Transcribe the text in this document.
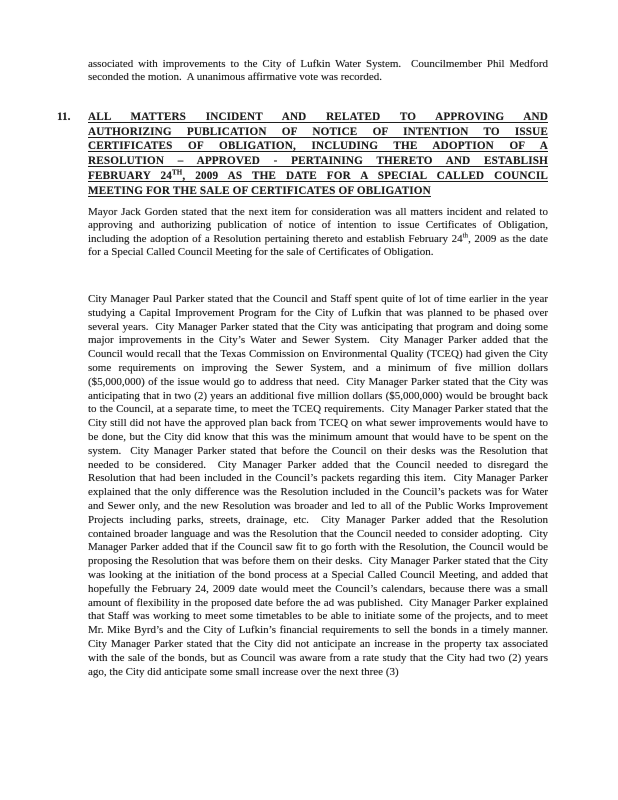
associated with improvements to the City of Lufkin Water System.  Councilmember Phil Medford seconded the motion.  A unanimous affirmative vote was recorded.

11. ALL MATTERS INCIDENT AND RELATED TO APPROVING AND
AUTHORIZING PUBLICATION OF NOTICE OF INTENTION TO ISSUE
CERTIFICATES OF OBLIGATION, INCLUDING THE ADOPTION OF A
RESOLUTION – APPROVED - PERTAINING THERETO AND ESTABLISH
FEBRUARY 24TH, 2009 AS THE DATE FOR A SPECIAL CALLED COUNCIL
MEETING FOR THE SALE OF CERTIFICATES OF OBLIGATION

Mayor Jack Gorden stated that the next item for consideration was all matters incident and related to approving and authorizing publication of notice of intention to issue Certificates of Obligation, including the adoption of a Resolution pertaining thereto and establish February 24th, 2009 as the date for a Special Called Council Meeting for the sale of Certificates of Obligation.

City Manager Paul Parker stated that the Council and Staff spent quite of lot of time earlier in the year studying a Capital Improvement Program for the City of Lufkin that was planned to be phased over several years.  City Manager Parker stated that the City was anticipating that program and doing some major improvements in the City’s Water and Sewer System.  City Manager Parker added that the Council would recall that the Texas Commission on Environmental Quality (TCEQ) had given the City some requirements on improving the Sewer System, and a minimum of five million dollars ($5,000,000) of the issue would go to address that need.  City Manager Parker stated that the City was anticipating that in two (2) years an additional five million dollars ($5,000,000) would be brought back to the Council, at a separate time, to meet the TCEQ requirements.  City Manager Parker stated that the City still did not have the approved plan back from TCEQ on what sewer improvements would have to be done, but the City did know that this was the minimum amount that would have to be spent on the system.  City Manager Parker stated that before the Council on their desks was the Resolution that needed to be considered.  City Manager Parker added that the Council needed to disregard the Resolution that had been included in the Council’s packets regarding this item.  City Manager Parker explained that the only difference was the Resolution included in the Council’s packets was for Water and Sewer only, and the new Resolution was broader and led to all of the Public Works Improvement Projects including parks, streets, drainage, etc.  City Manager Parker added that the Resolution contained broader language and was the Resolution that the Council needed to consider adopting.  City Manager Parker added that if the Council saw fit to go forth with the Resolution, the Council would be proposing the Resolution that was before them on their desks.  City Manager Parker stated that the City was looking at the initiation of the bond process at a Special Called Council Meeting, and added that hopefully the February 24, 2009 date would meet the Council’s calendars, because there was a small amount of flexibility in the proposed date before the ad was published.  City Manager Parker explained that Staff was working to meet some timetables to be able to initiate some of the projects, and to meet Mr. Mike Byrd’s and the City of Lufkin’s financial requirements to sell the bonds in a timely manner.  City Manager Parker stated that the City did not anticipate an increase in the property tax associated with the sale of the bonds, but as Council was aware from a rate study that the City had two (2) years ago, the City did anticipate some small increase over the next three (3)
